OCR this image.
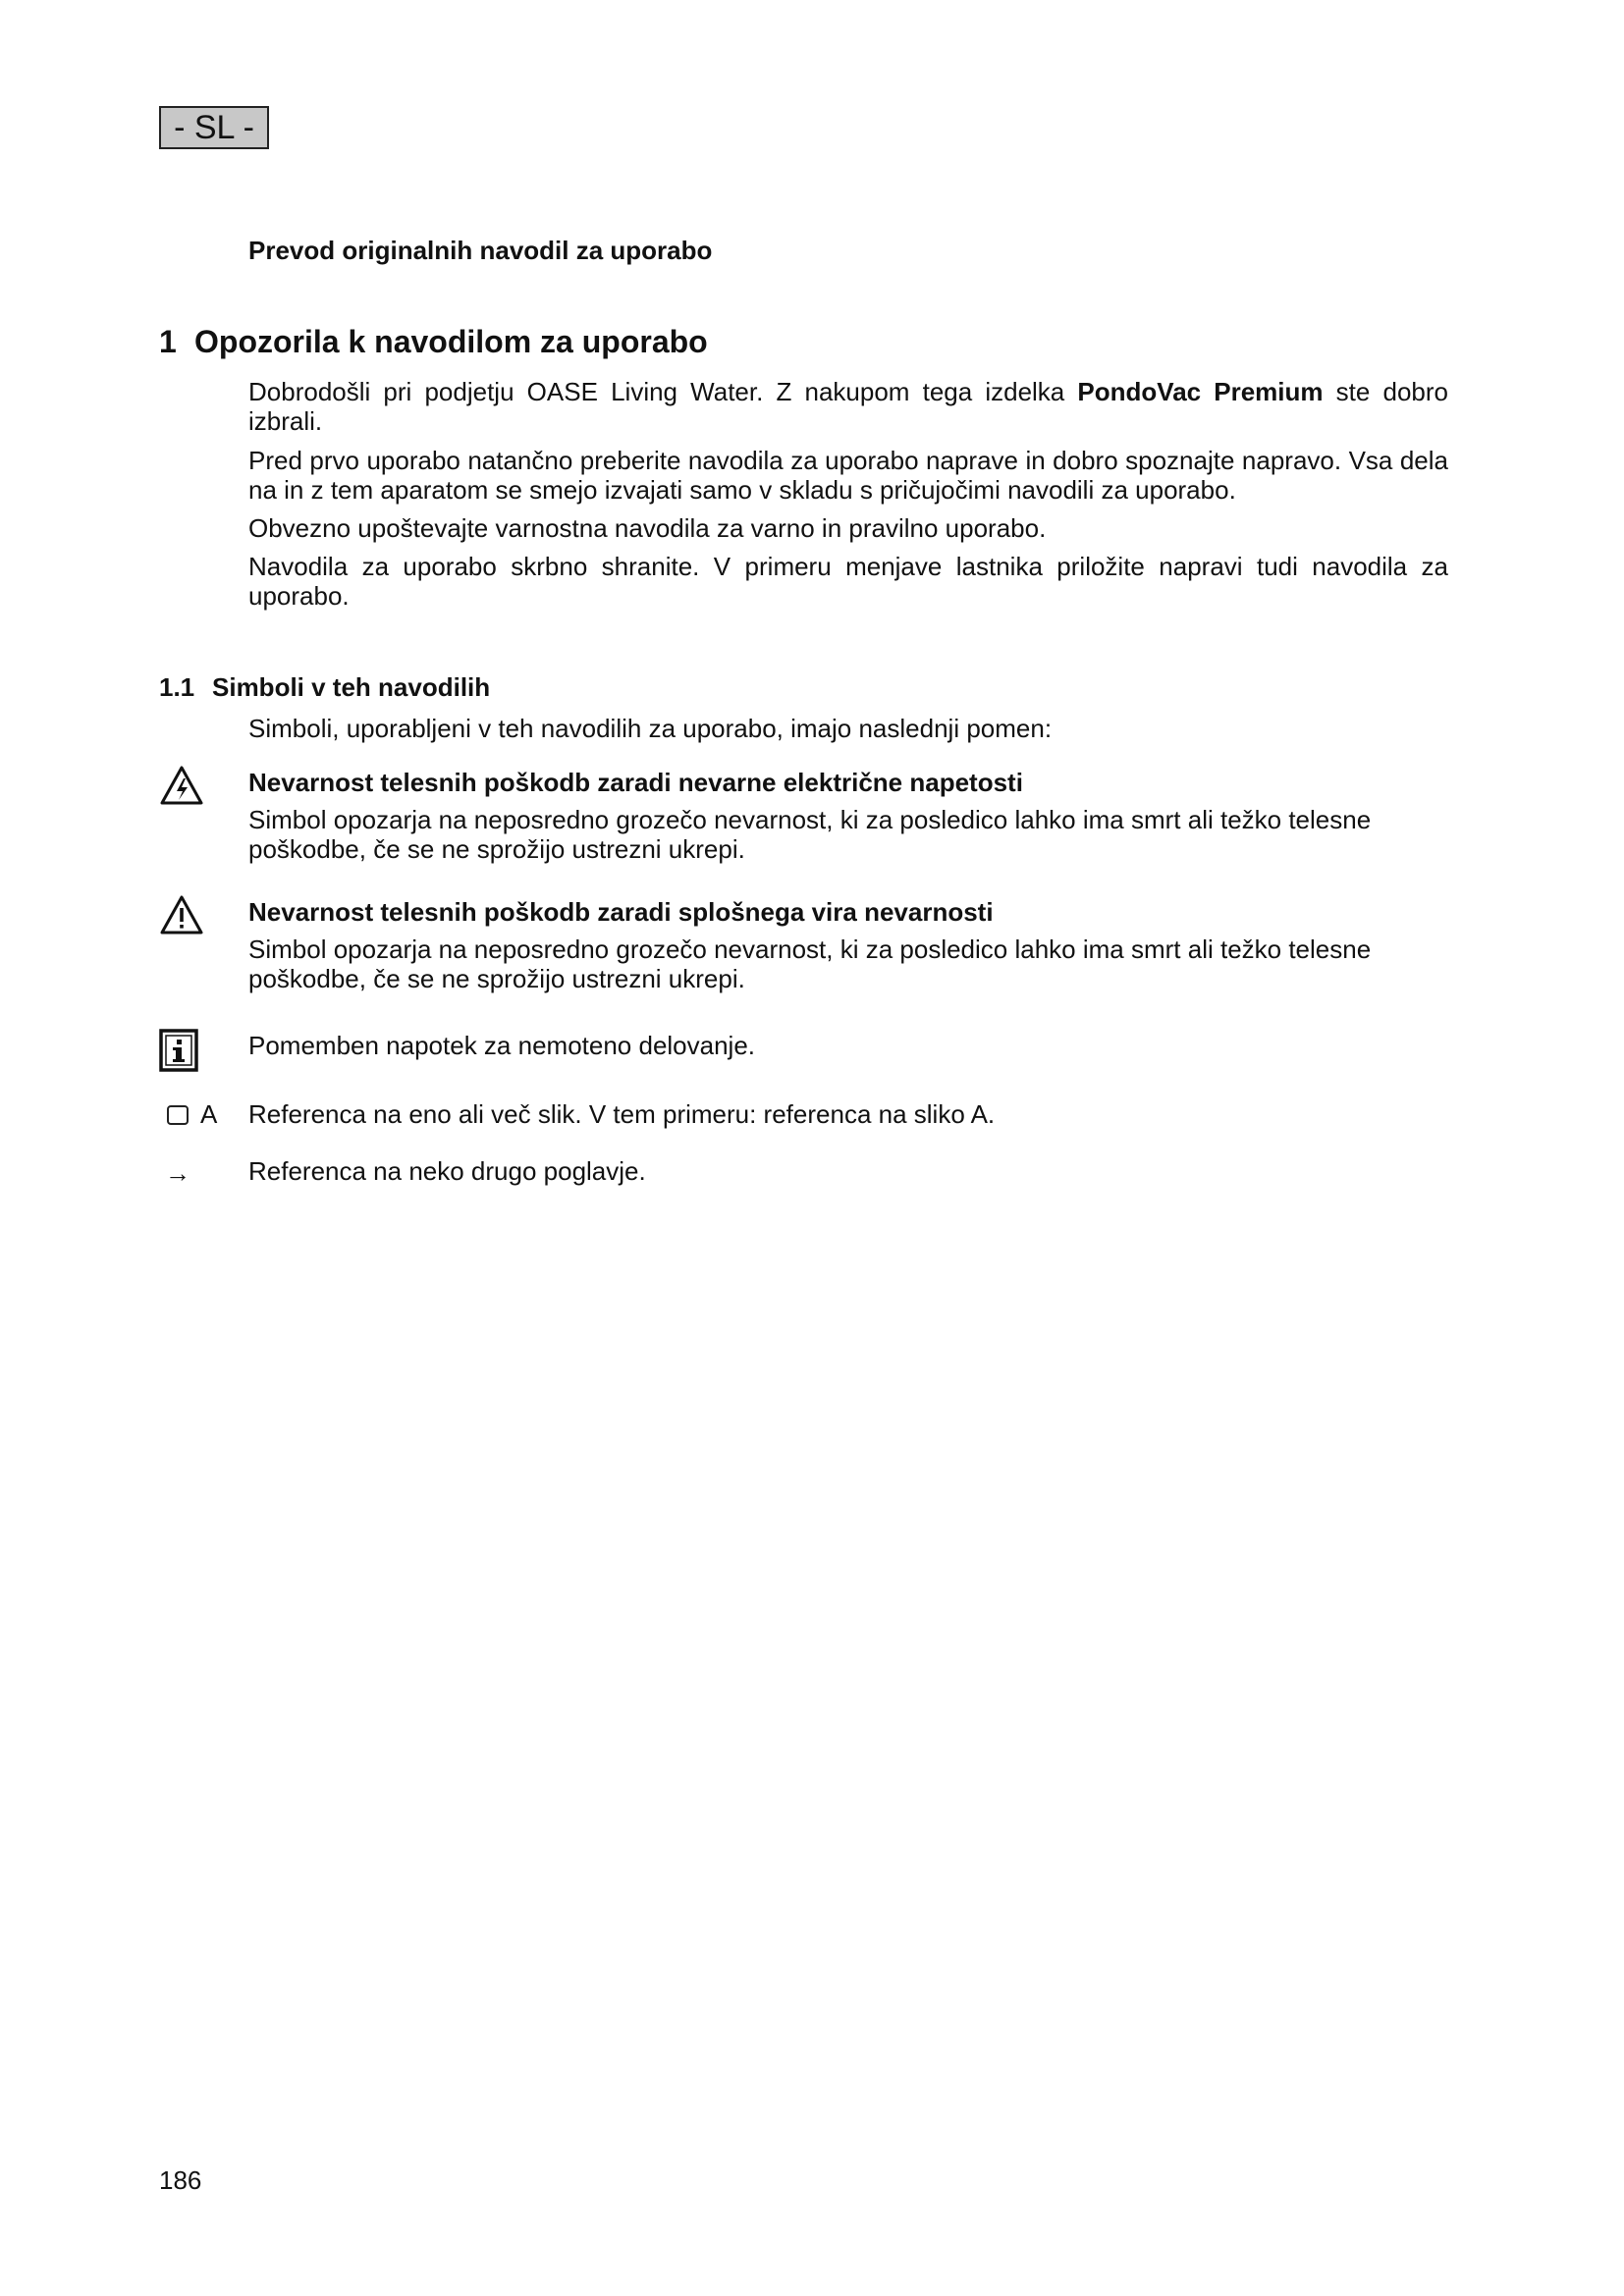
- SL -
Prevod originalnih navodil za uporabo
1 Opozorila k navodilom za uporabo

Dobrodošli pri podjetju OASE Living Water. Z nakupom tega izdelka PondoVac Premium ste dobro izbrali.

Pred prvo uporabo natančno preberite navodila za uporabo naprave in dobro spoznajte napravo. Vsa dela na in z tem aparatom se smejo izvajati samo v skladu s pričujočimi navodili za uporabo.

Obvezno upoštevajte varnostna navodila za varno in pravilno uporabo.

Navodila za uporabo skrbno shranite. V primeru menjave lastnika priložite napravi tudi navodila za uporabo.

1.1 Simboli v teh navodilih

Simboli, uporabljeni v teh navodilih za uporabo, imajo naslednji pomen:

Nevarnost telesnih poškodb zaradi nevarne električne napetosti

Simbol opozarja na neposredno grozečo nevarnost, ki za posledico lahko ima smrt ali težko telesne poškodbe, če se ne sprožijo ustrezni ukrepi.

Nevarnost telesnih poškodb zaradi splošnega vira nevarnosti

Simbol opozarja na neposredno grozečo nevarnost, ki za posledico lahko ima smrt ali težko telesne poškodbe, če se ne sprožijo ustrezni ukrepi.

Pomemben napotek za nemoteno delovanje.

A Referenca na eno ali več slik. V tem primeru: referenca na sliko A.

→ Referenca na neko drugo poglavje.

186
